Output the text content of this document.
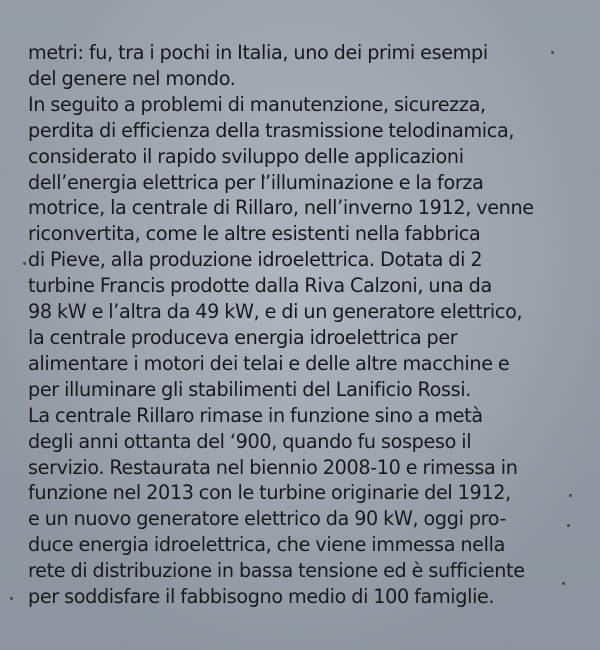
metri: fu, tra i pochi in Italia, uno dei primi esempi
del genere nel mondo.
In seguito a problemi di manutenzione, sicurezza,
perdita di efficienza della trasmissione telodinamica,
considerato il rapido sviluppo delle applicazioni
dell’energia elettrica per l’illuminazione e la forza
motrice, la centrale di Rillaro, nell’inverno 1912, venne
riconvertita, come le altre esistenti nella fabbrica
di Pieve, alla produzione idroelettrica. Dotata di 2
turbine Francis prodotte dalla Riva Calzoni, una da
98 kW e l’altra da 49 kW, e di un generatore elettrico,
la centrale produceva energia idroelettrica per
alimentare i motori dei telai e delle altre macchine e
per illuminare gli stabilimenti del Lanificio Rossi.
La centrale Rillaro rimase in funzione sino a metà
degli anni ottanta del ‘900, quando fu sospeso il
servizio. Restaurata nel biennio 2008-10 e rimessa in
funzione nel 2013 con le turbine originarie del 1912,
e un nuovo generatore elettrico da 90 kW, oggi pro-
duce energia idroelettrica, che viene immessa nella
rete di distribuzione in bassa tensione ed è sufficiente
per soddisfare il fabbisogno medio di 100 famiglie.
